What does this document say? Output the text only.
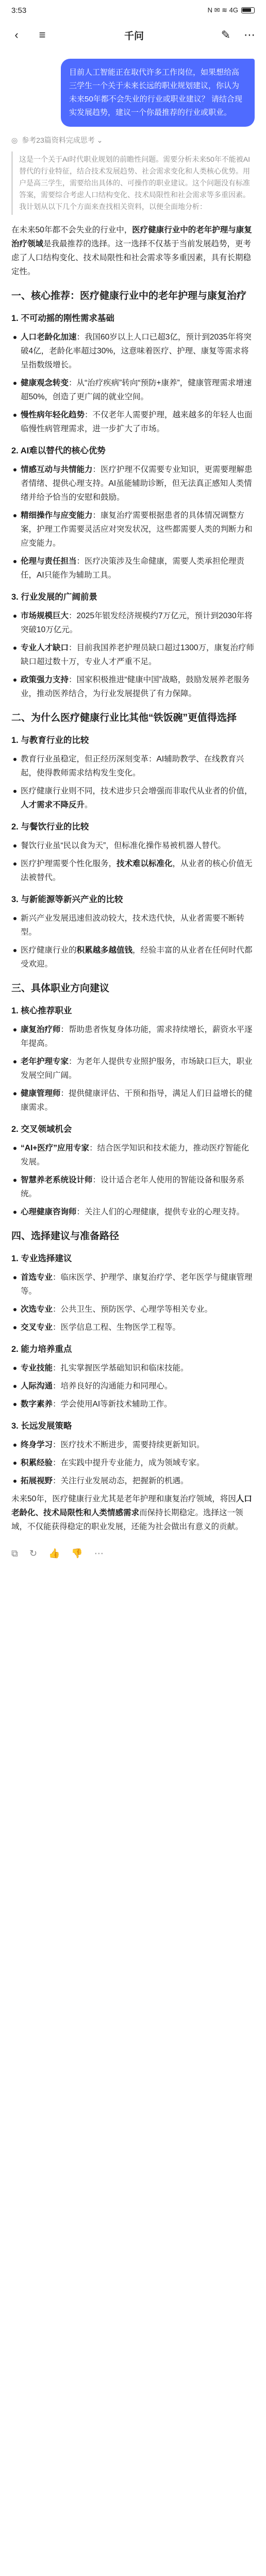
3:53	N ✉ ≋ 4G
‹	≡	千问	✎ ⋯
目前人工智能正在取代许多工作岗位，如果想给高三学生一个关于未来长远的职业规划建议，你认为未来50年都不会失业的行业或职业建议？ 请结合现实发展趋势，建议一个你最推荐的行业或职业。
◎ 参考23篇资料完成思考 ⌄
这是一个关于AI时代职业规划的前瞻性问题。需要分析未来50年不能被AI替代的行业特征，结合技术发展趋势、社会需求变化和人类核心优势。用户是高三学生，需要给出具体的、可操作的职业建议。这个问题没有标准答案，需要综合考虑人口结构变化、技术局限性和社会需求等多重因素。
我计划从以下几个方面来查找相关资料，以便全面地分析：

在未来50年都不会失业的行业中，医疗健康行业中的老年护理与康复治疗领域是我最推荐的选择。这一选择不仅基于当前发展趋势，更考虑了人口结构变化、技术局限性和社会需求等多重因素，具有长期稳定性。

一、核心推荐：医疗健康行业中的老年护理与康复治疗
1. 不可动摇的刚性需求基础
人口老龄化加速：我国60岁以上人口已超3亿，预计到2035年将突破4亿，老龄化率超过30%，这意味着医疗、护理、康复等需求将呈指数级增长。
健康观念转变：从“治疗疾病”转向“预防+康养”，健康管理需求增速超50%，创造了更广阔的就业空间。
慢性病年轻化趋势：不仅老年人需要护理，越来越多的年轻人也面临慢性病管理需求，进一步扩大了市场。
2. AI难以替代的核心优势
情感互动与共情能力：医疗护理不仅需要专业知识，更需要理解患者情绪、提供心理支持。AI虽能辅助诊断，但无法真正感知人类情绪并给予恰当的安慰和鼓励。
精细操作与应变能力：康复治疗需要根据患者的具体情况调整方案，护理工作需要灵活应对突发状况，这些都需要人类的判断力和应变能力。
伦理与责任担当：医疗决策涉及生命健康，需要人类承担伦理责任，AI只能作为辅助工具。
3. 行业发展的广阔前景
市场规模巨大：2025年银发经济规模约7万亿元，预计到2030年将突破10万亿元。
专业人才缺口：目前我国养老护理员缺口超过1300万，康复治疗师缺口超过数十万，专业人才严重不足。
政策强力支持：国家积极推进“健康中国”战略，鼓励发展养老服务业，推动医养结合，为行业发展提供了有力保障。
二、为什么医疗健康行业比其他“铁饭碗”更值得选择
1. 与教育行业的比较
教育行业虽稳定，但正经历深刻变革：AI辅助教学、在线教育兴起，使得教师需求结构发生变化。
医疗健康行业则不同，技术进步只会增强而非取代从业者的价值，人才需求不降反升。
2. 与餐饮行业的比较
餐饮行业虽“民以食为天”，但标准化操作易被机器人替代。
医疗护理需要个性化服务，技术难以标准化，从业者的核心价值无法被替代。
3. 与新能源等新兴产业的比较
新兴产业发展迅速但波动较大，技术迭代快，从业者需要不断转型。
医疗健康行业的积累越多越值钱，经验丰富的从业者在任何时代都受欢迎。
三、具体职业方向建议
1. 核心推荐职业
康复治疗师：帮助患者恢复身体功能，需求持续增长，薪资水平逐年提高。
老年护理专家：为老年人提供专业照护服务，市场缺口巨大，职业发展空间广阔。
健康管理师：提供健康评估、干预和指导，满足人们日益增长的健康需求。
2. 交叉领域机会
“AI+医疗”应用专家：结合医学知识和技术能力，推动医疗智能化发展。
智慧养老系统设计师：设计适合老年人使用的智能设备和服务系统。
心理健康咨询师：关注人们的心理健康，提供专业的心理支持。
四、选择建议与准备路径
1. 专业选择建议
首选专业：临床医学、护理学、康复治疗学、老年医学与健康管理等。
次选专业：公共卫生、预防医学、心理学等相关专业。
交叉专业：医学信息工程、生物医学工程等。
2. 能力培养重点
专业技能：扎实掌握医学基础知识和临床技能。
人际沟通：培养良好的沟通能力和同理心。
数字素养：学会使用AI等新技术辅助工作。
3. 长远发展策略
终身学习：医疗技术不断进步，需要持续更新知识。
积累经验：在实践中提升专业能力，成为领域专家。
拓展视野：关注行业发展动态，把握新的机遇。

未来50年，医疗健康行业尤其是老年护理和康复治疗领域，将因人口老龄化、技术局限性和人类情感需求而保持长期稳定。选择这一领域，不仅能获得稳定的职业发展，还能为社会做出有意义的贡献。

⧉ ↻ 👍 👎 ⋯
